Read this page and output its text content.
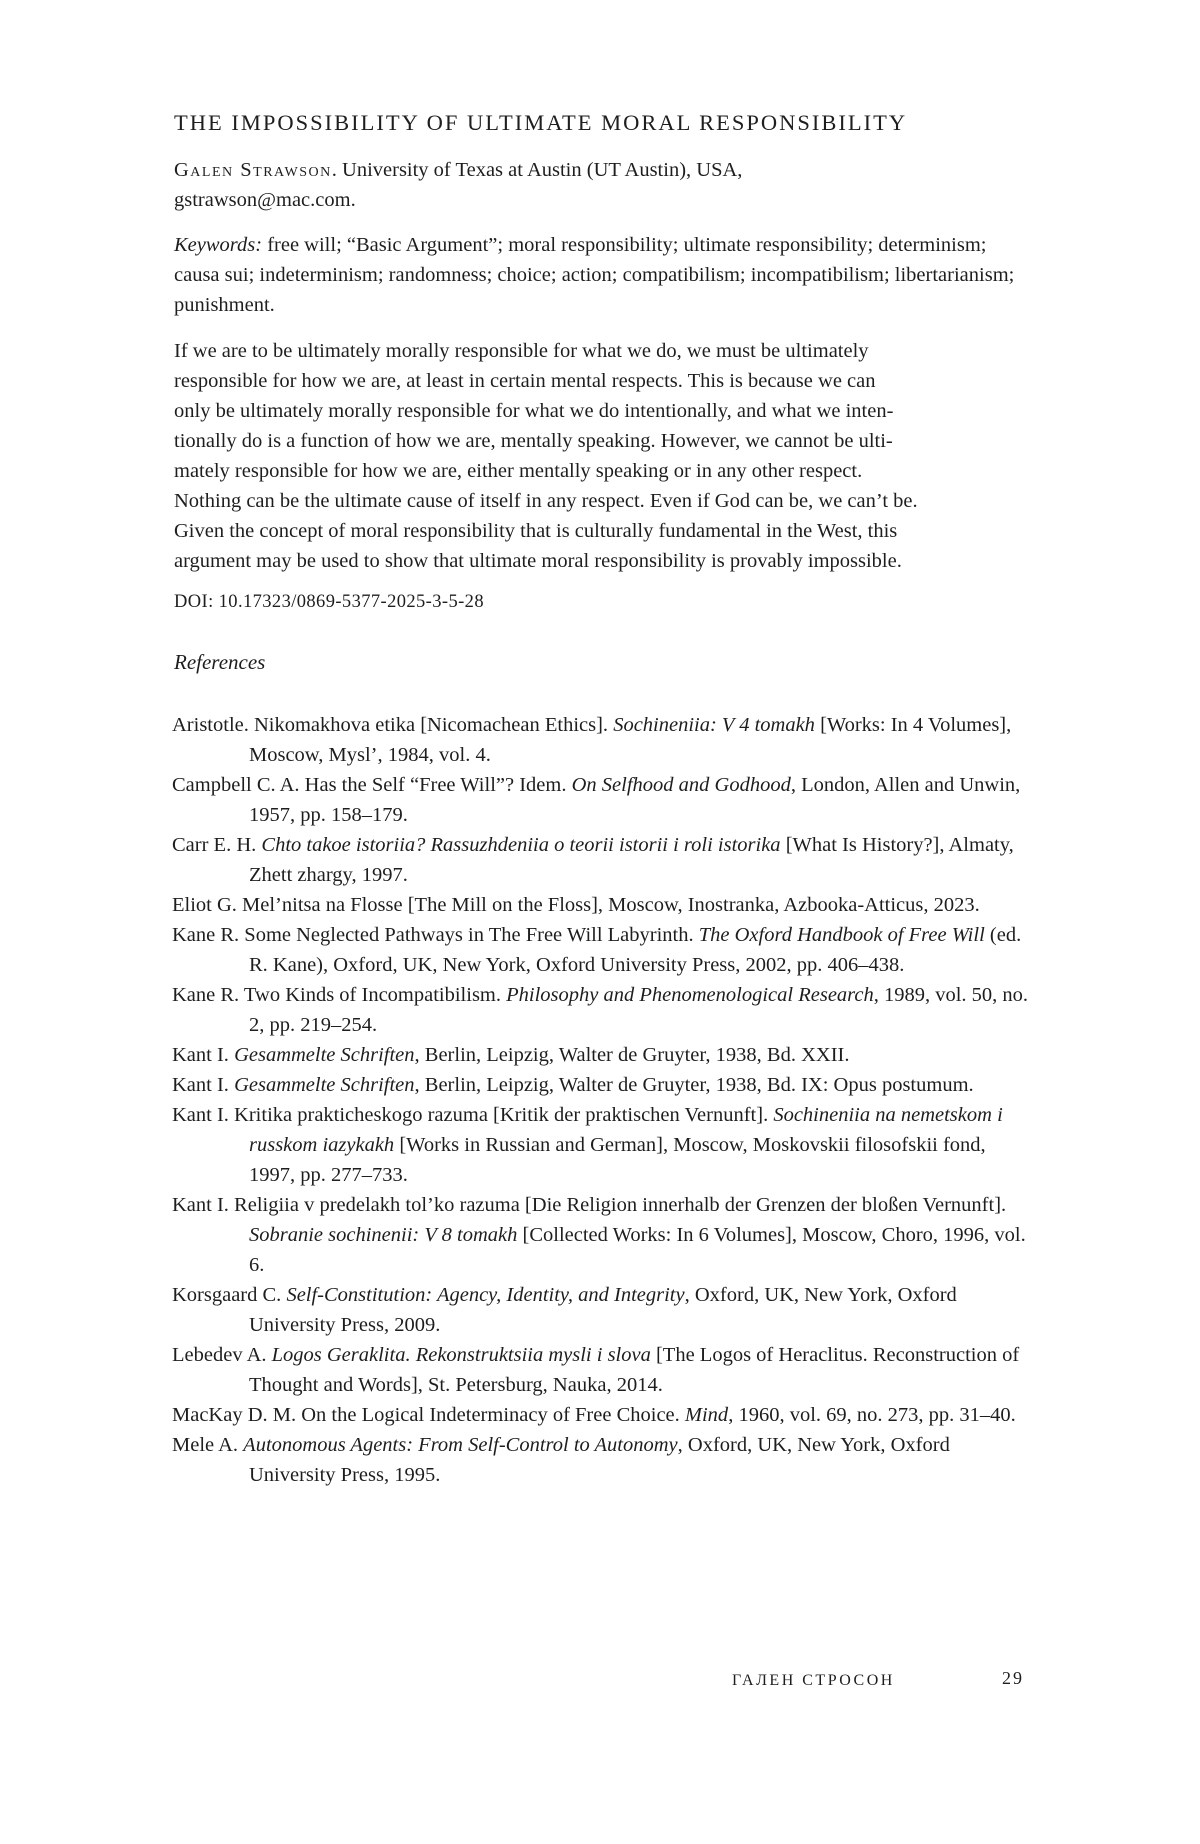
THE IMPOSSIBILITY OF ULTIMATE MORAL RESPONSIBILITY
Galen Strawson. University of Texas at Austin (UT Austin), USA,
gstrawson@mac.com.
Keywords: free will; “Basic Argument”; moral responsibility; ultimate responsibility; determinism; causa sui; indeterminism; randomness; choice; action; compatibilism; incompatibilism; libertarianism; punishment.
If we are to be ultimately morally responsible for what we do, we must be ultimately
responsible for how we are, at least in certain mental respects. This is because we can
only be ultimately morally responsible for what we do intentionally, and what we inten-
tionally do is a function of how we are, mentally speaking. However, we cannot be ulti-
mately responsible for how we are, either mentally speaking or in any other respect.
Nothing can be the ultimate cause of itself in any respect. Even if God can be, we can’t be.
Given the concept of moral responsibility that is culturally fundamental in the West, this
argument may be used to show that ultimate moral responsibility is provably impossible.
DOI: 10.17323/0869-5377-2025-3-5-28
References
Aristotle. Nikomakhova etika [Nicomachean Ethics]. Sochineniia: V 4 tomakh [Works: In 4 Volumes], Moscow, Mysl’, 1984, vol. 4.
Campbell C. A. Has the Self “Free Will”? Idem. On Selfhood and Godhood, London, Allen and Unwin, 1957, pp. 158–179.
Carr E. H. Chto takoe istoriia? Rassuzhdeniia o teorii istorii i roli istorika [What Is History?], Almaty, Zhett zhargy, 1997.
Eliot G. Mel’nitsa na Flosse [The Mill on the Floss], Moscow, Inostranka, Azbooka-Atticus, 2023.
Kane R. Some Neglected Pathways in The Free Will Labyrinth. The Oxford Handbook of Free Will (ed. R. Kane), Oxford, UK, New York, Oxford University Press, 2002, pp. 406–438.
Kane R. Two Kinds of Incompatibilism. Philosophy and Phenomenological Research, 1989, vol. 50, no. 2, pp. 219–254.
Kant I. Gesammelte Schriften, Berlin, Leipzig, Walter de Gruyter, 1938, Bd. XXII.
Kant I. Gesammelte Schriften, Berlin, Leipzig, Walter de Gruyter, 1938, Bd. IX: Opus postumum.
Kant I. Kritika prakticheskogo razuma [Kritik der praktischen Vernunft]. Sochineniia na nemetskom i russkom iazykakh [Works in Russian and German], Moscow, Moskovskii filosofskii fond, 1997, pp. 277–733.
Kant I. Religiia v predelakh tol’ko razuma [Die Religion innerhalb der Grenzen der bloßen Vernunft]. Sobranie sochinenii: V 8 tomakh [Collected Works: In 6 Volumes], Moscow, Choro, 1996, vol. 6.
Korsgaard C. Self-Constitution: Agency, Identity, and Integrity, Oxford, UK, New York, Oxford University Press, 2009.
Lebedev A. Logos Geraklita. Rekonstruktsiia mysli i slova [The Logos of Heraclitus. Reconstruction of Thought and Words], St. Petersburg, Nauka, 2014.
MacKay D. M. On the Logical Indeterminacy of Free Choice. Mind, 1960, vol. 69, no. 273, pp. 31–40.
Mele A. Autonomous Agents: From Self-Control to Autonomy, Oxford, UK, New York, Oxford University Press, 1995.
ГАЛЕН СТРОСОН	29
